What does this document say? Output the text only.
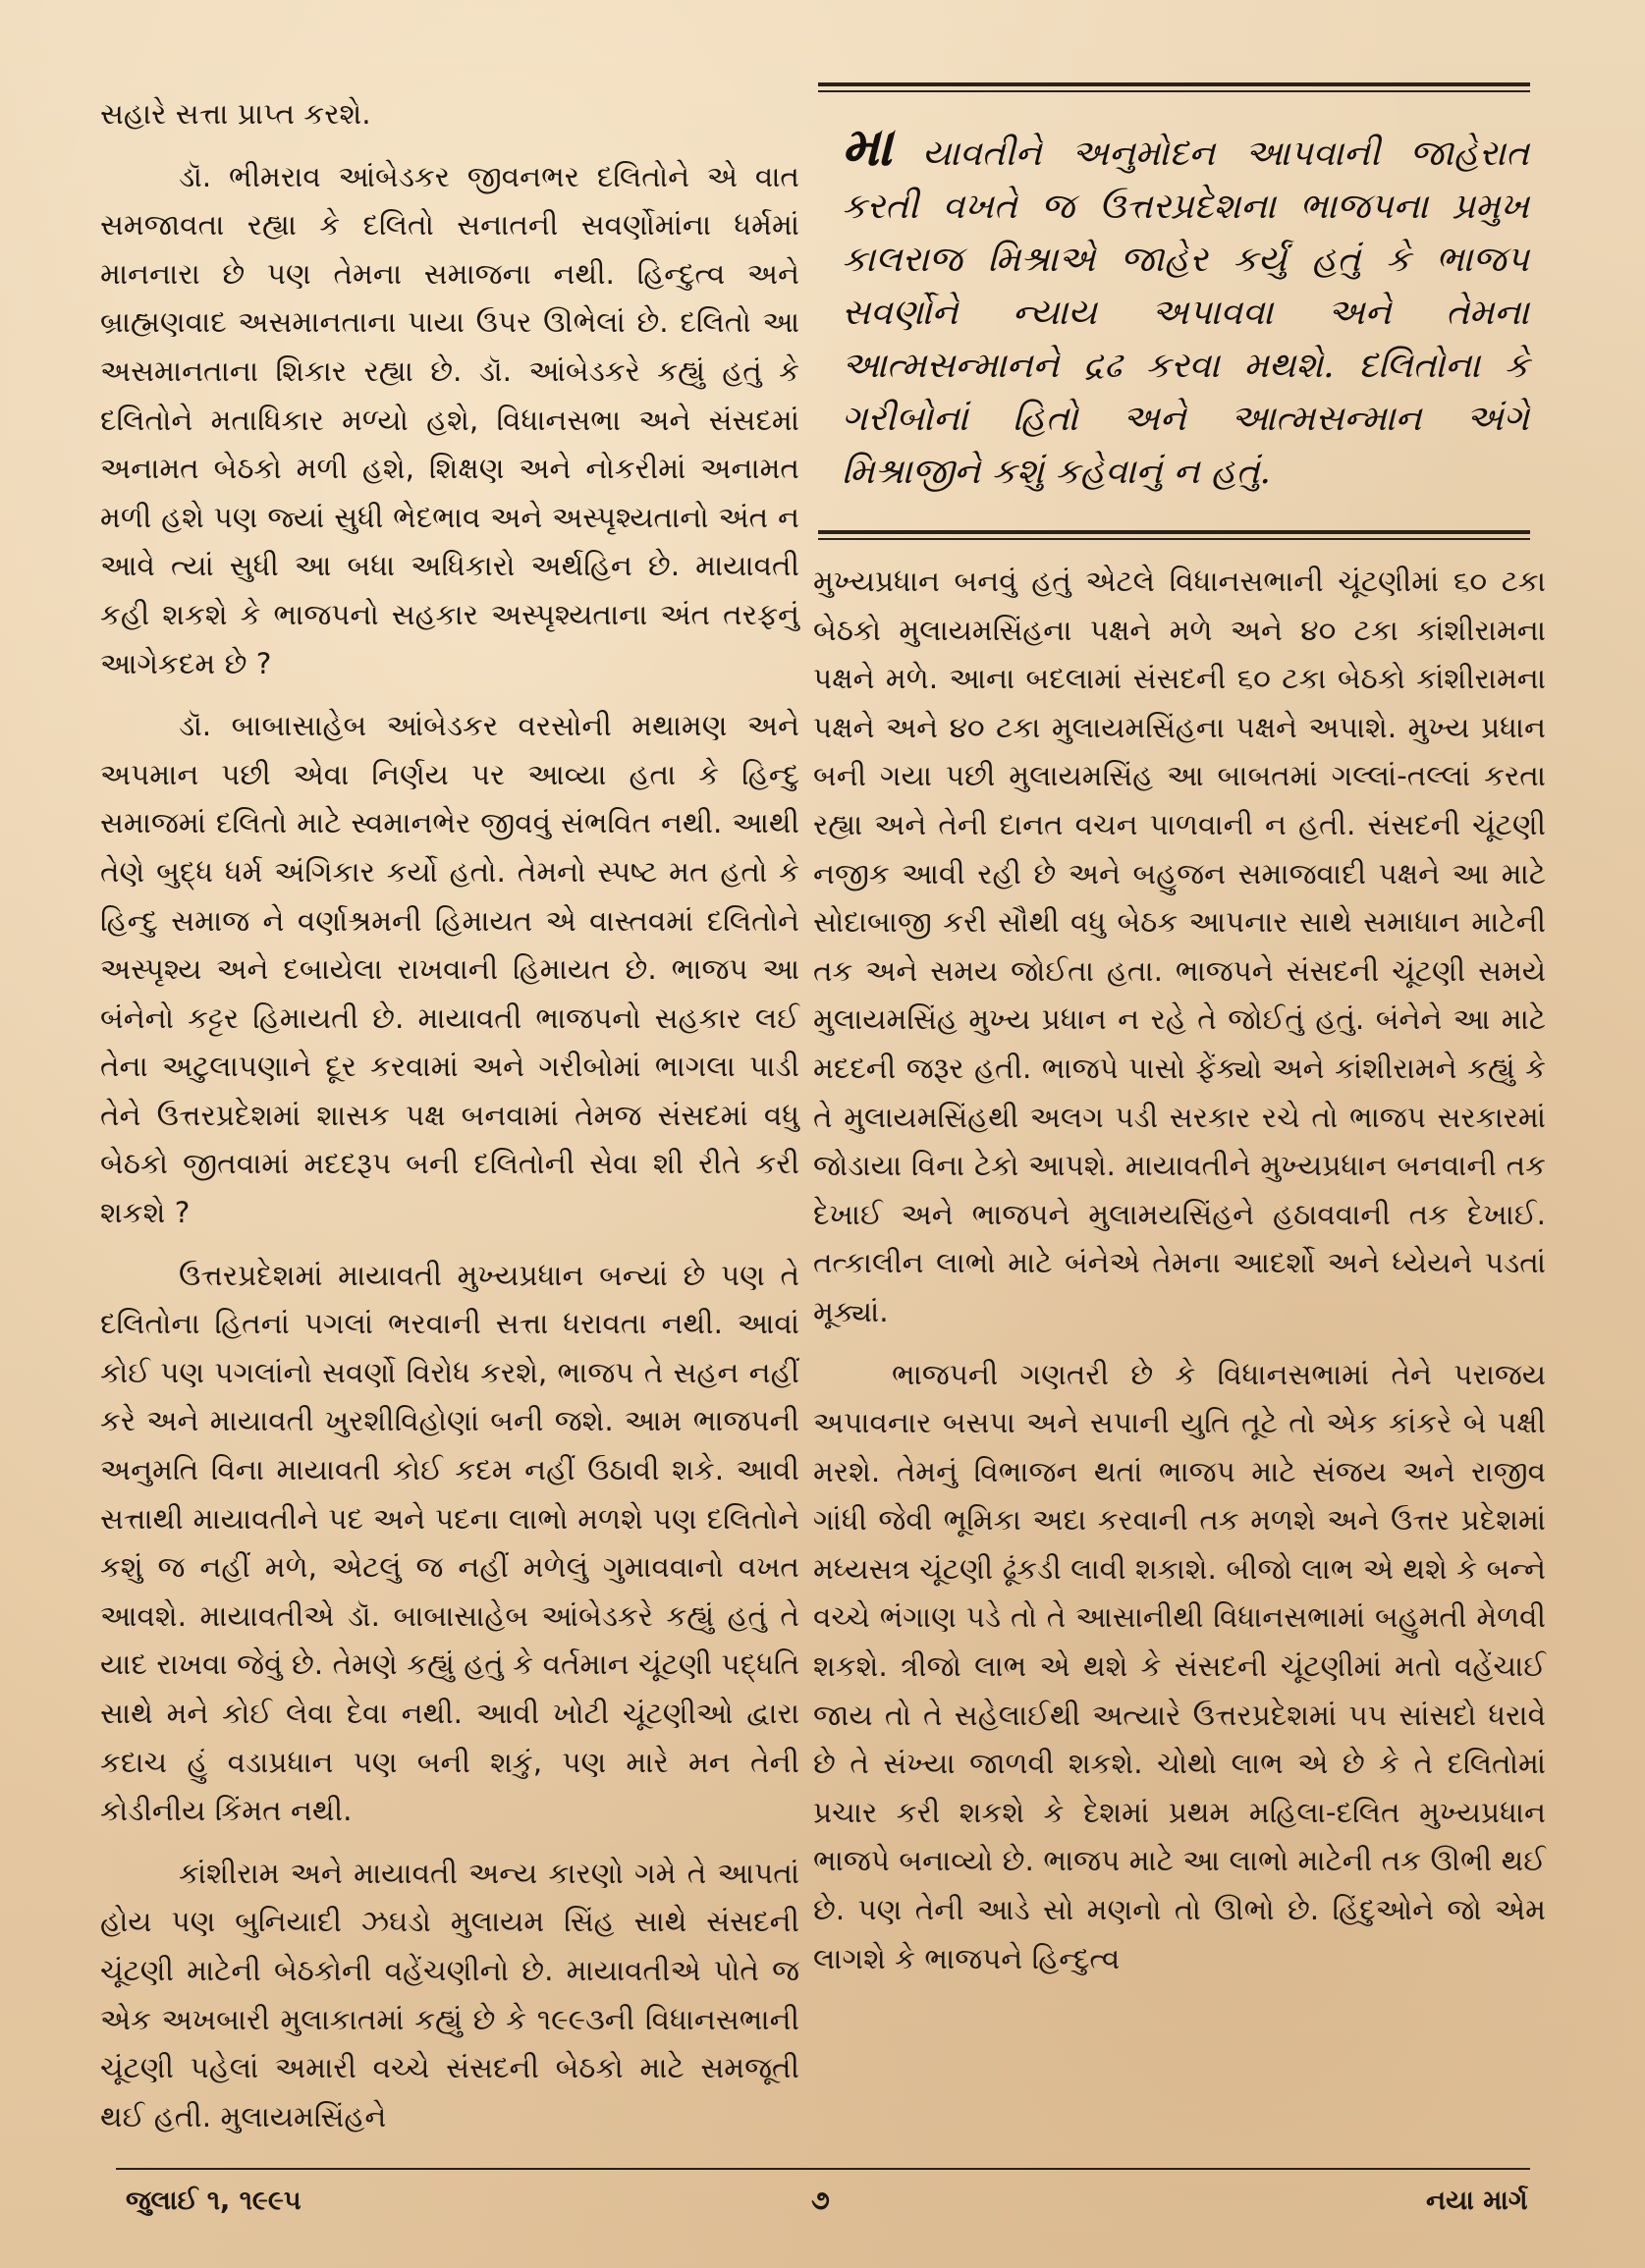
સહારે સત્તા પ્રાપ્ત કરશે.

ડૉ. ભીમરાવ આંબેડકર જીવનભર દલિતોને એ વાત સમજાવતા રહ્યા કે દલિતો સનાતની સવર્ણોમાંના ધર્મમાં માનનારા છે પણ તેમના સમાજના નથી. હિન્દુત્વ અને બ્રાહ્મણવાદ અસમાનતાના પાયા ઉપર ઊભેલાં છે. દલિતો આ અસમાનતાના શિકાર રહ્યા છે. ડૉ. આંબેડકરે કહ્યું હતું કે દલિતોને મતાધિકાર મળ્યો હશે, વિધાનસભા અને સંસદમાં અનામત બેઠકો મળી હશે, શિક્ષણ અને નોકરીમાં અનામત મળી હશે પણ જ્યાં સુધી ભેદભાવ અને અસ્પૃશ્યતાનો અંત ન આવે ત્યાં સુધી આ બધા અધિકારો અર્થહિન છે. માયાવતી કહી શકશે કે ભાજપનો સહકાર અસ્પૃશ્યતાના અંત તરફનું આગેકદમ છે ?

ડૉ. બાબાસાહેબ આંબેડકર વરસોની મથામણ અને અપમાન પછી એવા નિર્ણય પર આવ્યા હતા કે હિન્દુ સમાજમાં દલિતો માટે સ્વમાનભેર જીવવું સંભવિત નથી. આથી તેણે બુદ્ધ ધર્મ અંગિકાર કર્યો હતો. તેમનો સ્પષ્ટ મત હતો કે હિન્દુ સમાજ ને વર્ણાશ્રમની હિમાયત એ વાસ્તવમાં દલિતોને અસ્પૃશ્ય અને દબાયેલા રાખવાની હિમાયત છે. ભાજપ આ બંનેનો કટ્ટર હિમાયતી છે. માયાવતી ભાજપનો સહકાર લઈ તેના અટુલાપણાને દૂર કરવામાં અને ગરીબોમાં ભાગલા પાડી તેને ઉત્તરપ્રદેશમાં શાસક પક્ષ બનવામાં તેમજ સંસદમાં વધુ બેઠકો જીતવામાં મદદરૂપ બની દલિતોની સેવા શી રીતે કરી શકશે ?

ઉત્તરપ્રદેશમાં માયાવતી મુખ્યપ્રધાન બન્યાં છે પણ તે દલિતોના હિતનાં પગલાં ભરવાની સત્તા ધરાવતા નથી. આવાં કોઈ પણ પગલાંનો સવર્ણો વિરોધ કરશે, ભાજપ તે સહન નહીં કરે અને માયાવતી ખુરશીવિહોણાં બની જશે. આમ ભાજપની અનુમતિ વિના માયાવતી કોઈ કદમ નહીં ઉઠાવી શકે. આવી સત્તાથી માયાવતીને પદ અને પદના લાભો મળશે પણ દલિતોને કશું જ નહીં મળે, એટલું જ નહીં મળેલું ગુમાવવાનો વખત આવશે. માયાવતીએ ડૉ. બાબાસાહેબ આંબેડકરે કહ્યું હતું તે યાદ રાખવા જેવું છે. તેમણે કહ્યું હતું કે વર્તમાન ચૂંટણી પદ્ધતિ સાથે મને કોઈ લેવા દેવા નથી. આવી ખોટી ચૂંટણીઓ દ્વારા કદાચ હું વડાપ્રધાન પણ બની શકું, પણ મારે મન તેની કોડીનીય કિંમત નથી.

કાંશીરામ અને માયાવતી અન્ય કારણો ગમે તે આપતાં હોય પણ બુનિયાદી ઝઘડો મુલાયમ સિંહ સાથે સંસદની ચૂંટણી માટેની બેઠકોની વહેંચણીનો છે. માયાવતીએ પોતે જ એક અખબારી મુલાકાતમાં કહ્યું છે કે ૧૯૯૩ની વિધાનસભાની ચૂંટણી પહેલાં અમારી વચ્ચે સંસદની બેઠકો માટે સમજૂતી થઈ હતી. મુલાયમસિંહને

મા યાવતીને અનુમોદન આપવાની જાહેરાત કરતી વખતે જ ઉત્તરપ્રદેશના ભાજપના પ્રમુખ કાલરાજ મિશ્રાએ જાહેર કર્યું હતું કે ભાજપ સવર્ણોને ન્યાય અપાવવા અને તેમના આત્મસન્માનને દ્રઢ કરવા મથશે. દલિતોના કે ગરીબોનાં હિતો અને આત્મસન્માન અંગે મિશ્રાજીને કશું કહેવાનું ન હતું.

મુખ્યપ્રધાન બનવું હતું એટલે વિધાનસભાની ચૂંટણીમાં ૬૦ ટકા બેઠકો મુલાયમસિંહના પક્ષને મળે અને ૪૦ ટકા કાંશીરામના પક્ષને મળે. આના બદલામાં સંસદની ૬૦ ટકા બેઠકો કાંશીરામના પક્ષને અને ૪૦ ટકા મુલાયમસિંહના પક્ષને અપાશે. મુખ્ય પ્રધાન બની ગયા પછી મુલાયમસિંહ આ બાબતમાં ગલ્લાં-તલ્લાં કરતા રહ્યા અને તેની દાનત વચન પાળવાની ન હતી. સંસદની ચૂંટણી નજીક આવી રહી છે અને બહુજન સમાજવાદી પક્ષને આ માટે સોદાબાજી કરી સૌથી વધુ બેઠક આપનાર સાથે સમાધાન માટેની તક અને સમય જોઈતા હતા. ભાજપને સંસદની ચૂંટણી સમયે મુલાયમસિંહ મુખ્ય પ્રધાન ન રહે તે જોઈતું હતું. બંનેને આ માટે મદદની જરૂર હતી. ભાજપે પાસો ફેંક્યો અને કાંશીરામને કહ્યું કે તે મુલાયમસિંહથી અલગ પડી સરકાર રચે તો ભાજપ સરકારમાં જોડાયા વિના ટેકો આપશે. માયાવતીને મુખ્યપ્રધાન બનવાની તક દેખાઈ અને ભાજપને મુલામયસિંહને હઠાવવાની તક દેખાઈ. તત્કાલીન લાભો માટે બંનેએ તેમના આદર્શો અને ધ્યેયને પડતાં મૂક્યાં.

ભાજપની ગણતરી છે કે વિધાનસભામાં તેને પરાજય અપાવનાર બસપા અને સપાની યુતિ તૂટે તો એક કાંકરે બે પક્ષી મરશે. તેમનું વિભાજન થતાં ભાજપ માટે સંજય અને રાજીવ ગાંધી જેવી ભૂમિકા અદા કરવાની તક મળશે અને ઉત્તર પ્રદેશમાં મધ્યસત્ર ચૂંટણી ઢૂંકડી લાવી શકાશે. બીજો લાભ એ થશે કે બન્ને વચ્ચે ભંગાણ પડે તો તે આસાનીથી વિધાનસભામાં બહુમતી મેળવી શકશે. ત્રીજો લાભ એ થશે કે સંસદની ચૂંટણીમાં મતો વહેંચાઈ જાય તો તે સહેલાઈથી અત્યારે ઉત્તરપ્રદેશમાં ૫૫ સાંસદો ધરાવે છે તે સંખ્યા જાળવી શકશે. ચોથો લાભ એ છે કે તે દલિતોમાં પ્રચાર કરી શકશે કે દેશમાં પ્રથમ મહિલા-દલિત મુખ્યપ્રધાન ભાજપે બનાવ્યો છે. ભાજપ માટે આ લાભો માટેની તક ઊભી થઈ છે. પણ તેની આડે સો મણનો તો ઊભો છે. હિંદુઓને જો એમ લાગશે કે ભાજપને હિન્દુત્વ

જુલાઈ ૧, ૧૯૯૫	૭	નયા માર્ગ
